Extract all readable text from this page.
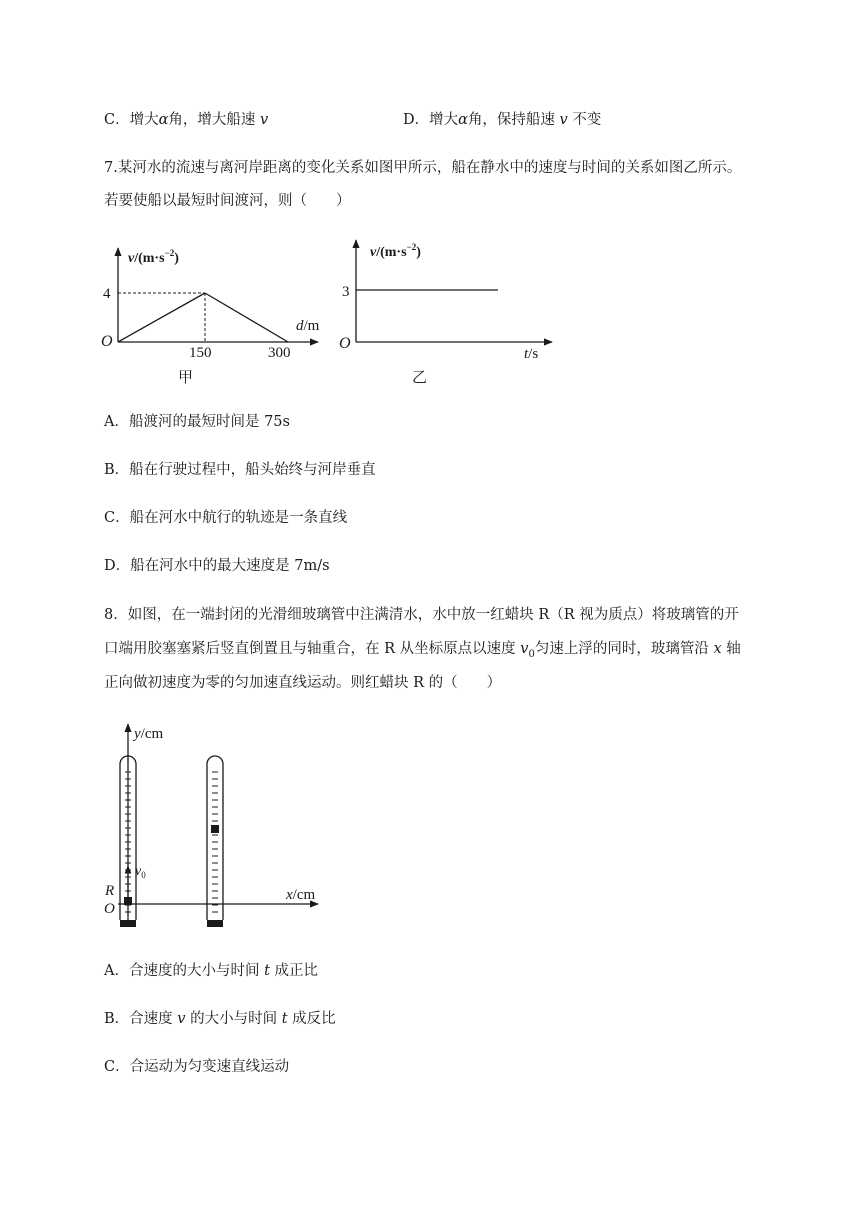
C．增大α角，增大船速 v	D．增大α角，保持船速 v 不变
7.某河水的流速与离河岸距离的变化关系如图甲所示，船在静水中的速度与时间的关系如图乙所示。
若要使船以最短时间渡河，则（　　）
$v/(m\cdot s^{-2})$
4
O
d/m
150	300
甲
$v/(m\cdot s^{-2})$
3
O
t/s
乙
y/cm
x/cm
R
O
$v_0$
A．船渡河的最短时间是 75s
B．船在行驶过程中，船头始终与河岸垂直
C．船在河水中航行的轨迹是一条直线
D．船在河水中的最大速度是 7m/s
8．如图，在一端封闭的光滑细玻璃管中注满清水，水中放一红蜡块 R（R 视为质点）将玻璃管的开
口端用胶塞塞紧后竖直倒置且与轴重合，在 R 从坐标原点以速度 $v_0$匀速上浮的同时，玻璃管沿 x 轴
正向做初速度为零的匀加速直线运动。则红蜡块 R 的（　　）
A．合速度的大小与时间 t 成正比
B．合速度 v 的大小与时间 t 成反比
C．合运动为匀变速直线运动
